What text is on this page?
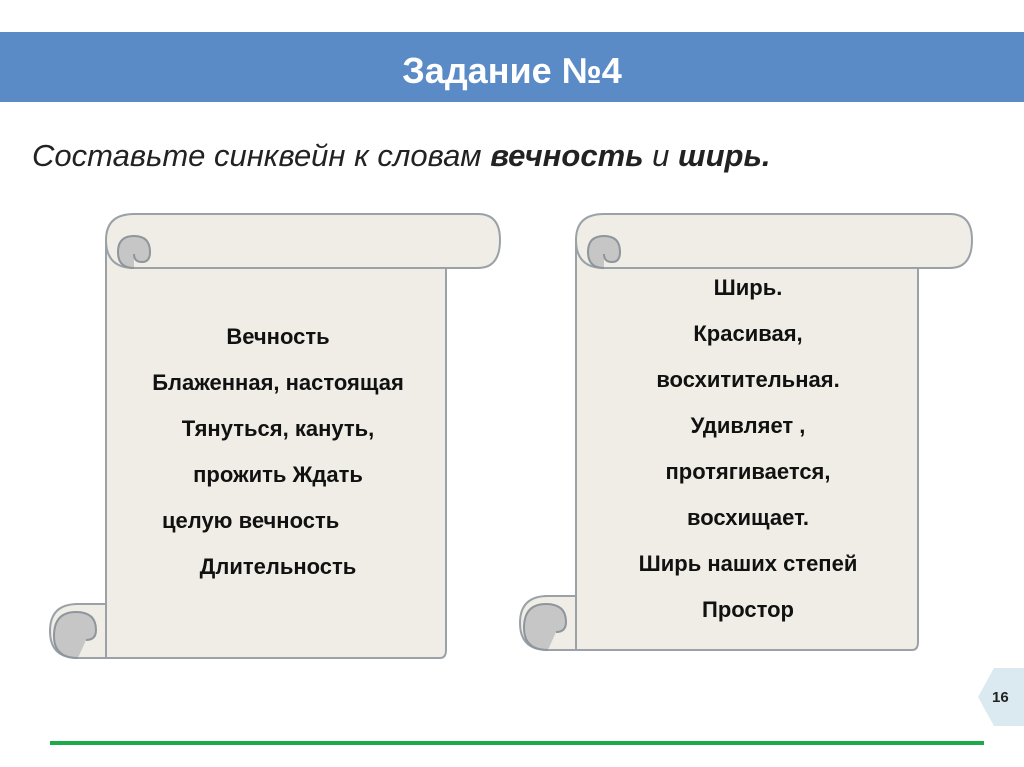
Задание №4
Составьте синквейн к словам вечность и ширь.
Вечность
Блаженная, настоящая
Тянуться, кануть,
прожить Ждать
целую вечность
Длительность
Ширь.
Красивая,
восхитительная.
Удивляет ,
протягивается,
восхищает.
Ширь наших степей
Простор
16
